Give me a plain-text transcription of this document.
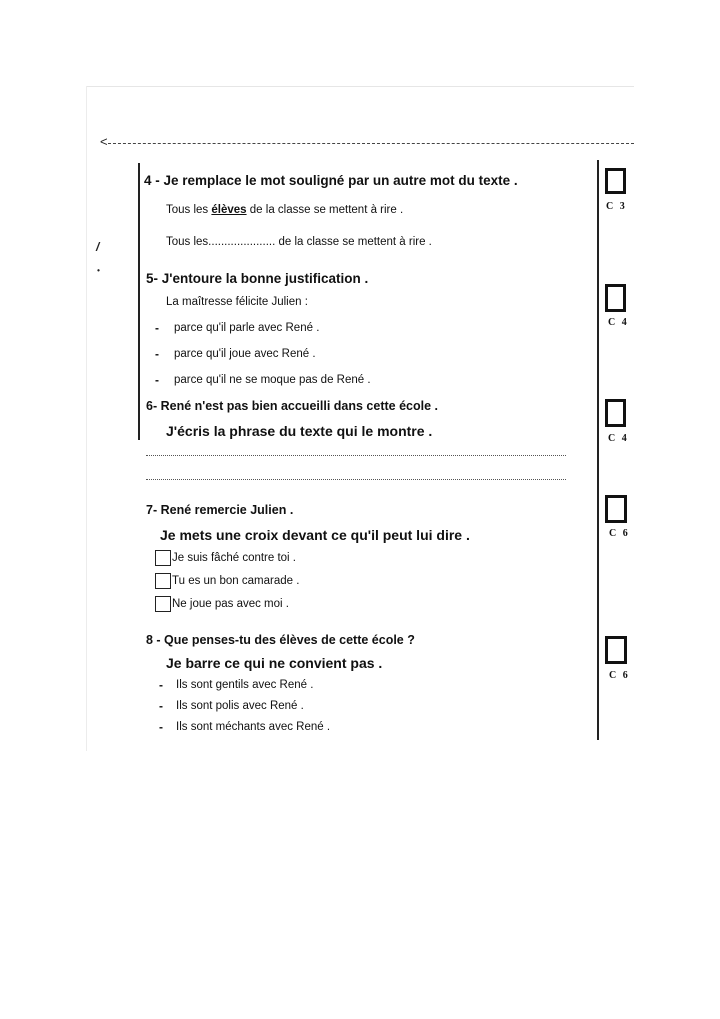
<
/
•
4 - Je remplace le mot souligné par un autre mot du texte .
Tous les élèves de la classe se mettent à rire .
Tous les..................... de la classe se mettent à rire .
C 3
5- J'entoure la bonne justification .
La maîtresse félicite Julien :
- parce qu'il parle avec René .
- parce qu'il joue avec René .
- parce qu'il ne se moque pas de René .
C 4
6- René n'est pas bien accueilli dans cette école .
J'écris la phrase du texte qui le montre .	C 4
7- René remercie Julien .
Je mets une croix devant ce qu'il peut lui dire .
Je suis fâché contre toi .
Tu es un bon camarade .
Ne joue pas avec moi .
C 6
8 - Que penses-tu des élèves de cette école ?
Je barre ce qui ne convient pas .
- Ils sont gentils avec René .
- Ils sont polis avec René .
- Ils sont méchants avec René .
C 6
